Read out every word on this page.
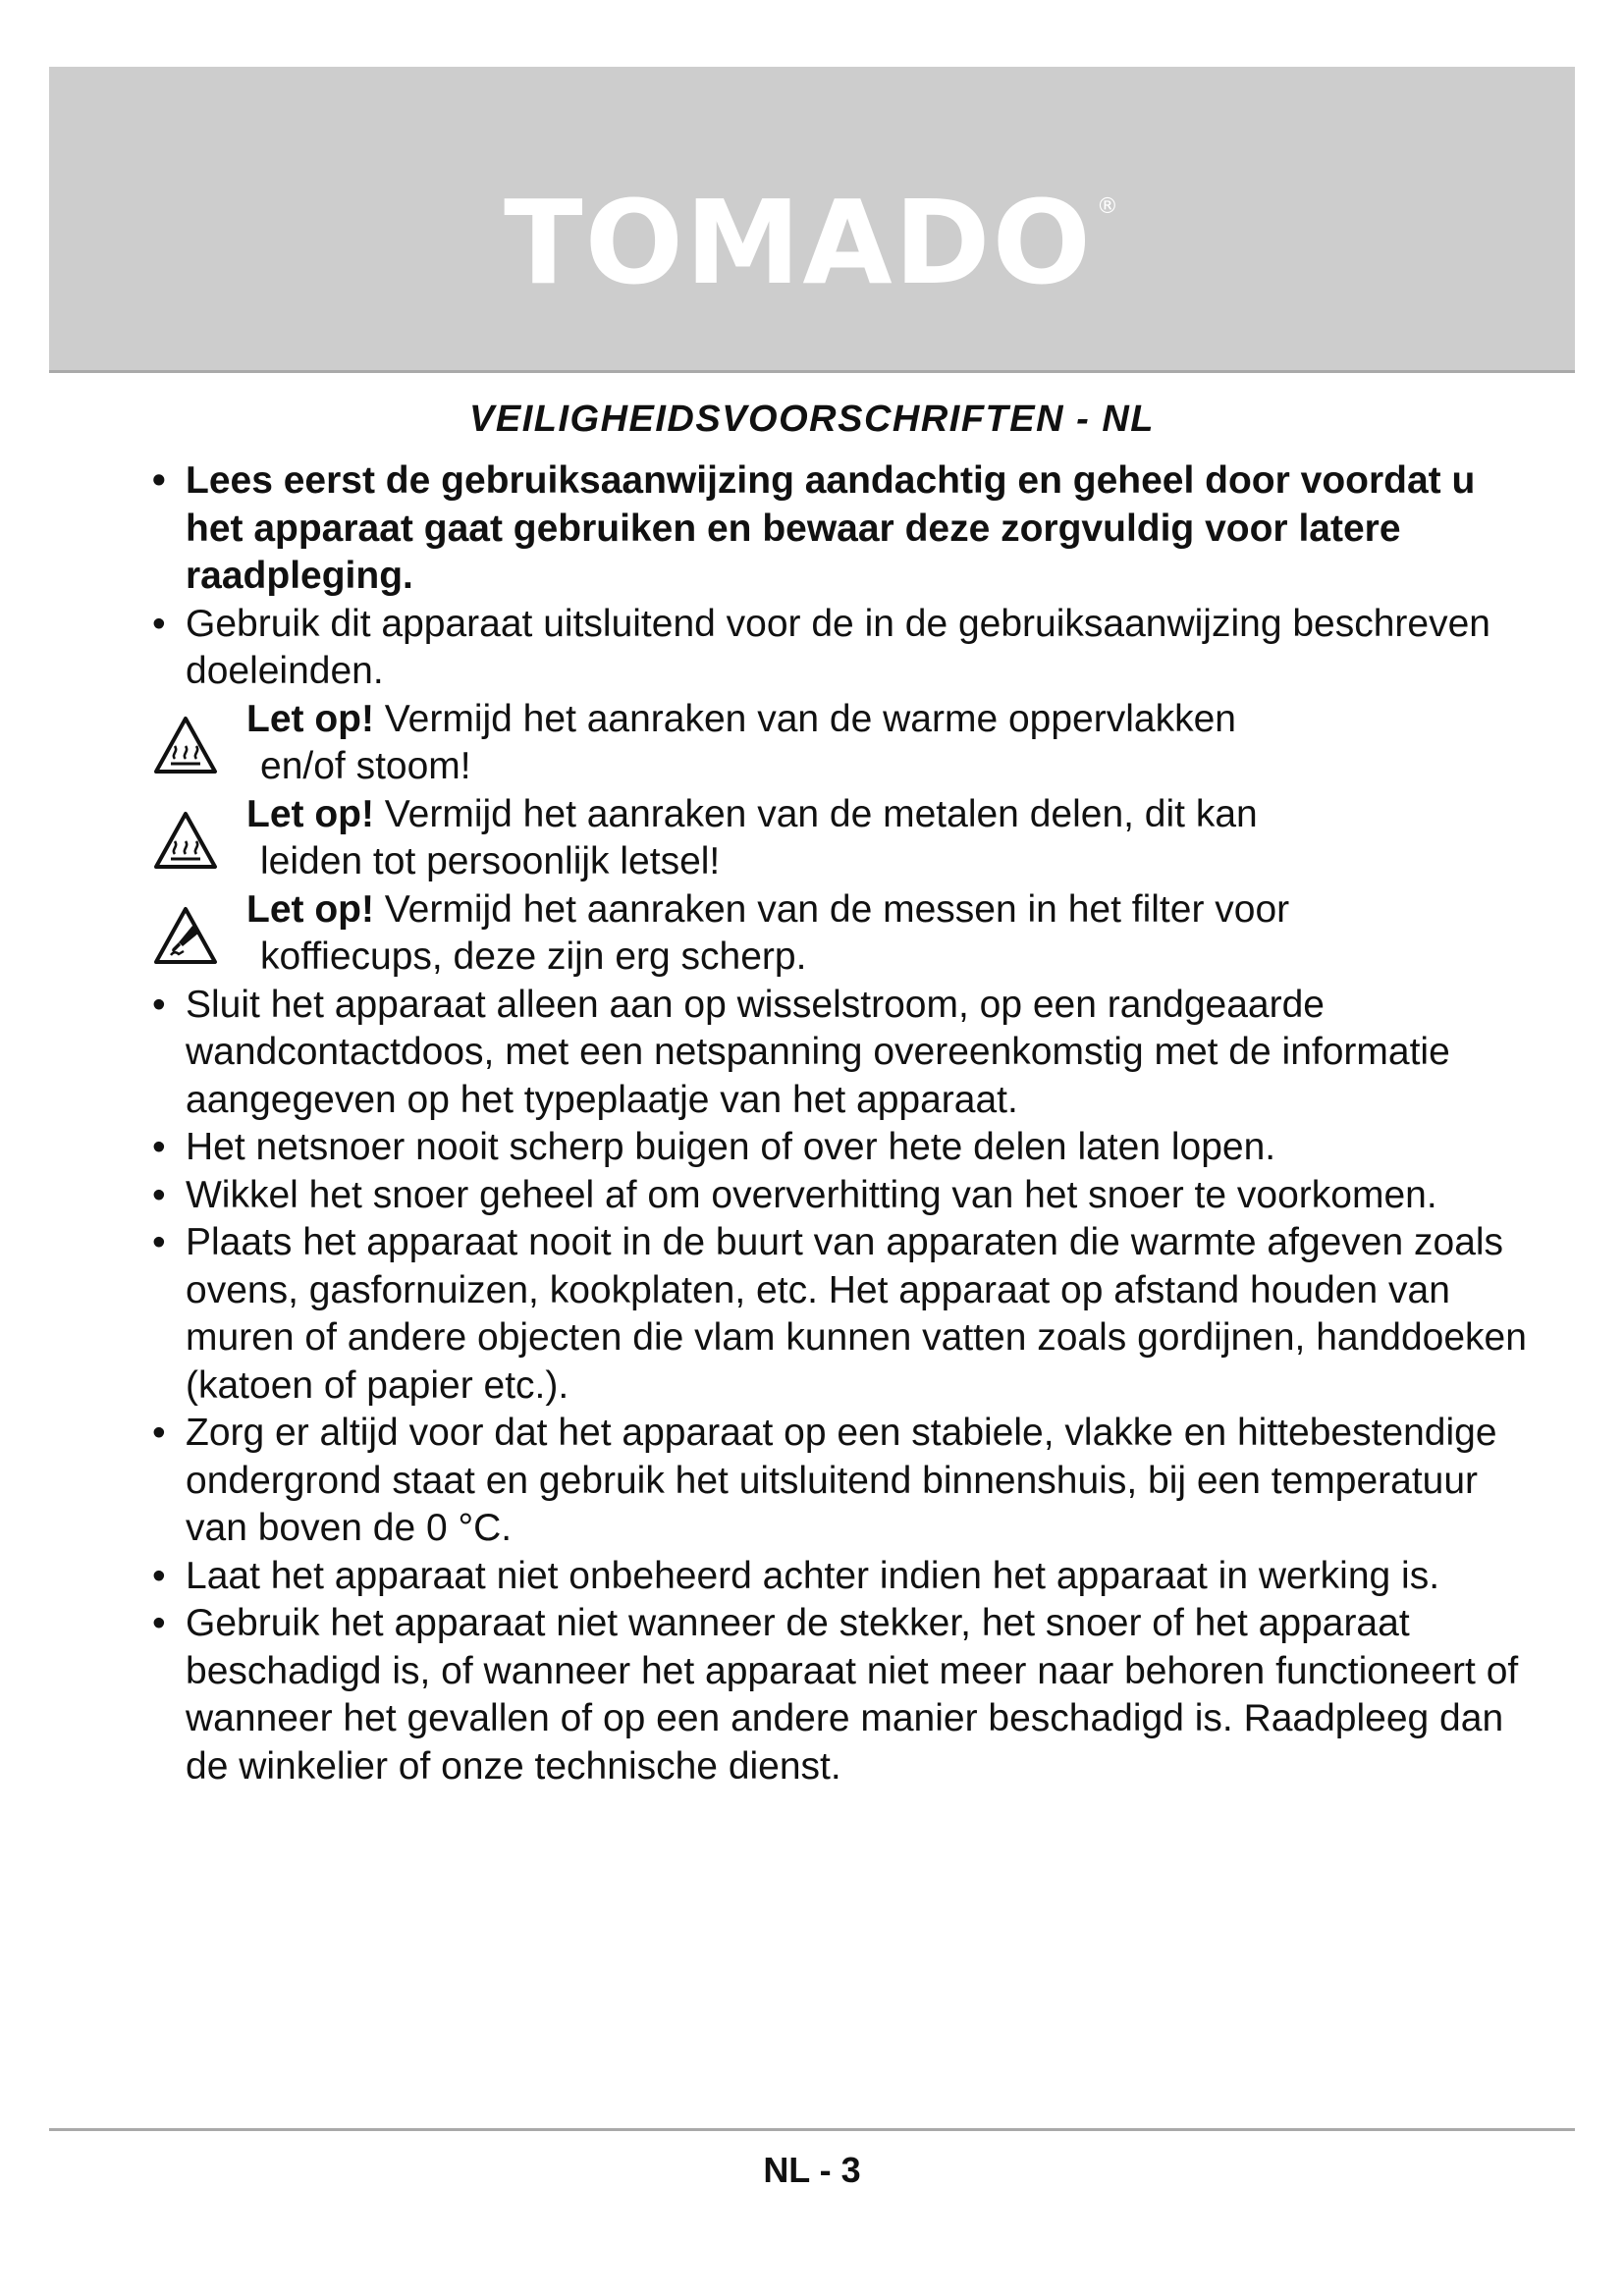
TOMADO ®
VEILIGHEIDSVOORSCHRIFTEN - NL
• Lees eerst de gebruiksaanwijzing aandachtig en geheel door voordat u het apparaat gaat gebruiken en bewaar deze zorgvuldig voor latere raadpleging.
• Gebruik dit apparaat uitsluitend voor de in de gebruiksaanwijzing beschreven doeleinden.
Let op! Vermijd het aanraken van de warme oppervlakken
en/of stoom!
Let op! Vermijd het aanraken van de metalen delen, dit kan
leiden tot persoonlijk letsel!
Let op! Vermijd het aanraken van de messen in het filter voor
koffiecups, deze zijn erg scherp.
• Sluit het apparaat alleen aan op wisselstroom, op een randgeaarde wandcontactdoos, met een netspanning overeenkomstig met de informatie aangegeven op het typeplaatje van het apparaat.
• Het netsnoer nooit scherp buigen of over hete delen laten lopen.
• Wikkel het snoer geheel af om oververhitting van het snoer te voorkomen.
• Plaats het apparaat nooit in de buurt van apparaten die warmte afgeven zoals ovens, gasfornuizen, kookplaten, etc. Het apparaat op afstand houden van muren of andere objecten die vlam kunnen vatten zoals gordijnen, handdoeken (katoen of papier etc.).
• Zorg er altijd voor dat het apparaat op een stabiele, vlakke en hittebestendige ondergrond staat en gebruik het uitsluitend binnenshuis, bij een temperatuur van boven de 0 °C.
• Laat het apparaat niet onbeheerd achter indien het apparaat in werking is.
• Gebruik het apparaat niet wanneer de stekker, het snoer of het apparaat beschadigd is, of wanneer het apparaat niet meer naar behoren functioneert of wanneer het gevallen of op een andere manier beschadigd is. Raadpleeg dan de winkelier of onze technische dienst.
NL - 3
